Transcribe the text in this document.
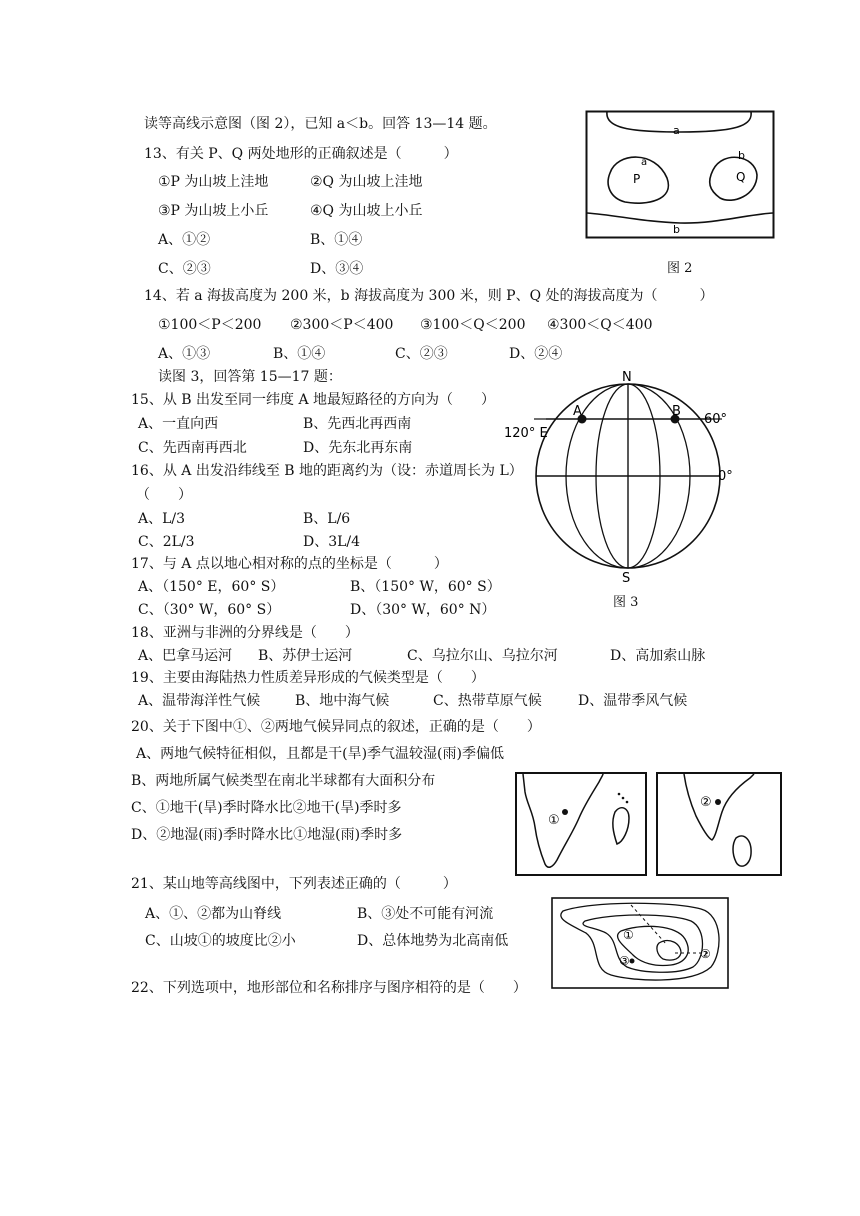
读等高线示意图（图 2），已知 a＜b。回答 13—14 题。
13、有关 P、Q 两处地形的正确叙述是（　　　）
①P 为山坡上洼地	②Q 为山坡上洼地
③P 为山坡上小丘	④Q 为山坡上小丘
A、①②	B、①④
C、②③	D、③④
a
a
P
b
Q
b
图 2
14、若 a 海拔高度为 200 米，b 海拔高度为 300 米，则 P、Q 处的海拔高度为（　　　）
①100＜P＜200 ②300＜P＜400 ③100＜Q＜200 ④300＜Q＜400
A、①③	B、①④	C、②③	D、②④
读图 3，回答第 15—17 题：
15、从 B 出发至同一纬度 A 地最短路径的方向为（　　）
A、一直向西	B、先西北再西南
C、先西南再西北	D、先东北再东南
16、从 A 出发沿纬线至 B 地的距离约为（设：赤道周长为 L）
（　　）
A、L/3	B、L/6
C、2L/3	D、3L/4
17、与 A 点以地心相对称的点的坐标是（　　　）
A、（150° E，60° S）	B、（150° W，60° S）
C、（30° W，60° S）	D、（30° W，60° N）
A	B
N
S
120° E
60°
0°
图 3
18、亚洲与非洲的分界线是（　　）
A、巴拿马运河 B、苏伊士运河	C、乌拉尔山、乌拉尔河	D、高加索山脉
19、主要由海陆热力性质差异形成的气候类型是（　　）
A、温带海洋性气候 B、地中海气候	C、热带草原气候	D、温带季风气候
20、关于下图中①、②两地气候异同点的叙述，正确的是（　　）
A、两地气候特征相似，且都是干(旱)季气温较湿(雨)季偏低
B、两地所属气候类型在南北半球都有大面积分布
C、①地干(旱)季时降水比②地干(旱)季时多
D、②地湿(雨)季时降水比①地湿(雨)季时多
①
②
21、某山地等高线图中，下列表述正确的（　　　）
A、①、②都为山脊线	B、③处不可能有河流
C、山坡①的坡度比②小	D、总体地势为北高南低	①
②
③
22、下列选项中，地形部位和名称排序与图序相符的是（　　）
